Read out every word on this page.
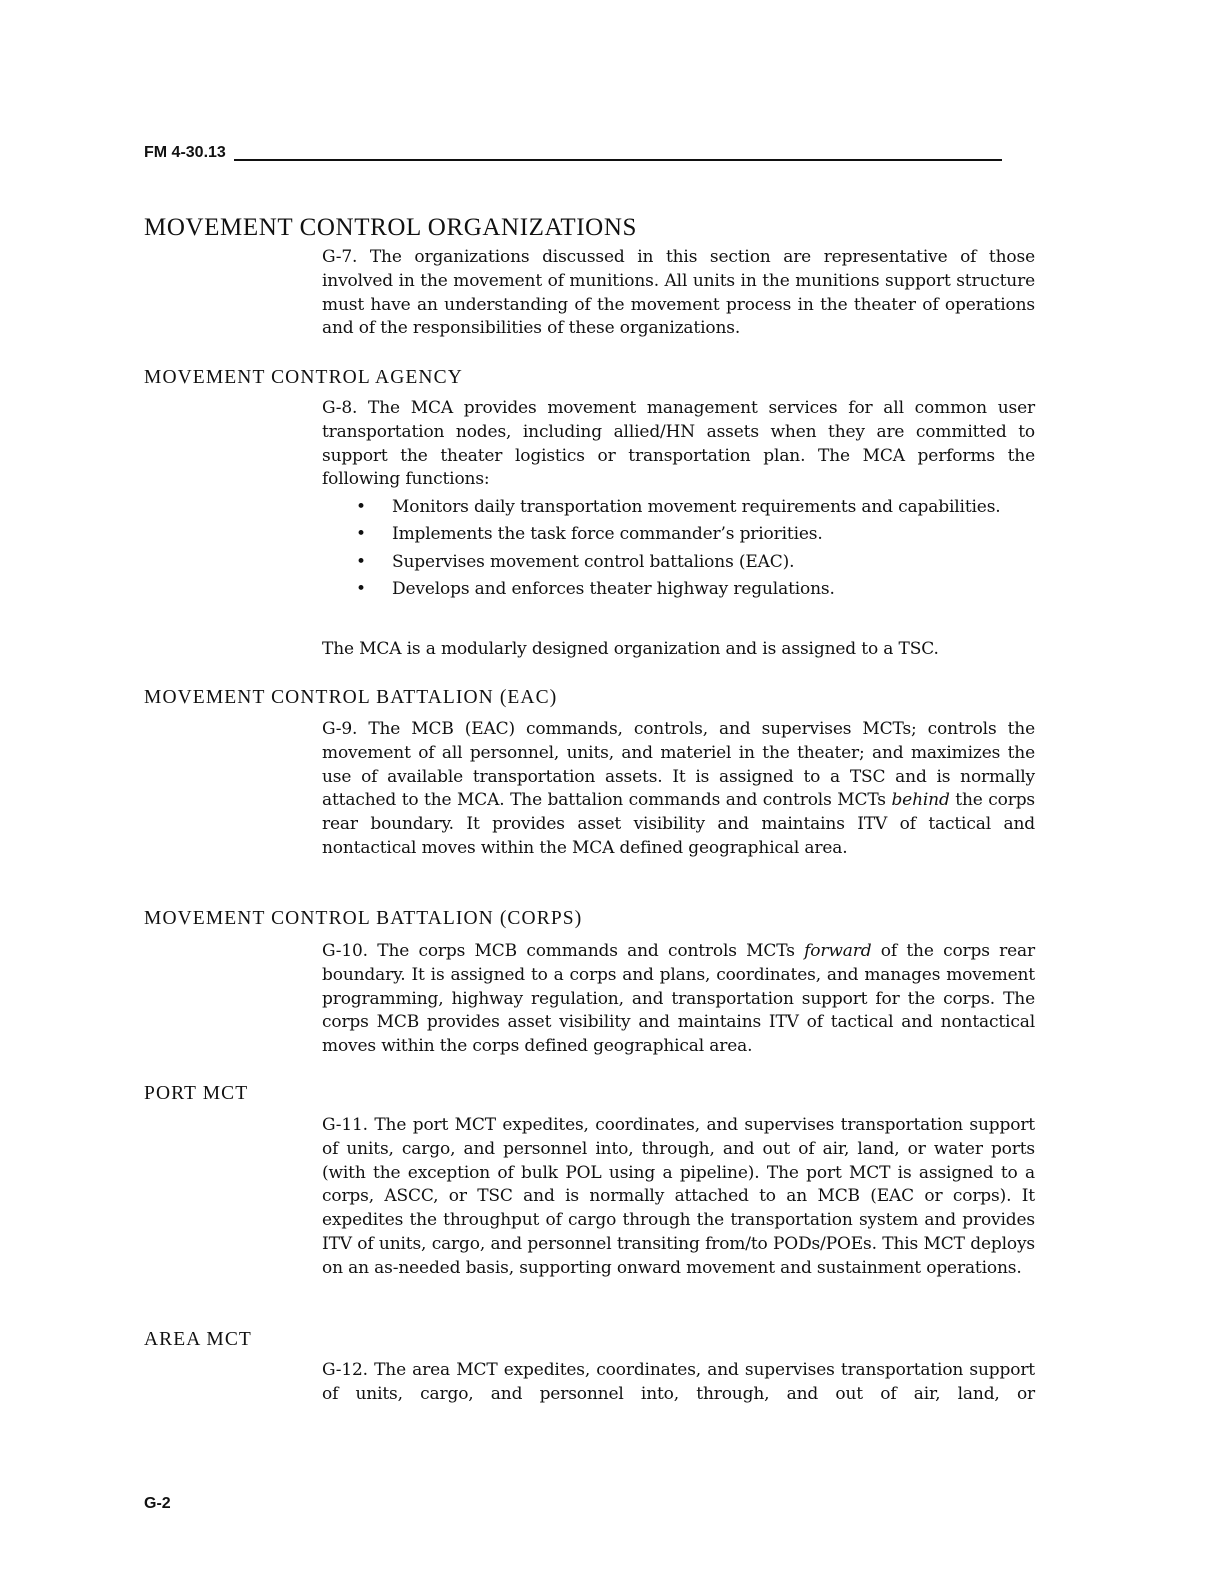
FM 4-30.13
MOVEMENT CONTROL ORGANIZATIONS

G-7. The organizations discussed in this section are representative of those involved in the movement of munitions. All units in the munitions support structure must have an understanding of the movement process in the theater of operations and of the responsibilities of these organizations.

MOVEMENT CONTROL AGENCY

G-8. The MCA provides movement management services for all common user transportation nodes, including allied/HN assets when they are committed to support the theater logistics or transportation plan. The MCA performs the following functions:

• Monitors daily transportation movement requirements and capabilities.
• Implements the task force commander’s priorities.
• Supervises movement control battalions (EAC).
• Develops and enforces theater highway regulations.

The MCA is a modularly designed organization and is assigned to a TSC.

MOVEMENT CONTROL BATTALION (EAC)

G-9. The MCB (EAC) commands, controls, and supervises MCTs; controls the movement of all personnel, units, and materiel in the theater; and maximizes the use of available transportation assets. It is assigned to a TSC and is normally attached to the MCA. The battalion commands and controls MCTs behind the corps rear boundary. It provides asset visibility and maintains ITV of tactical and nontactical moves within the MCA defined geographical area.

MOVEMENT CONTROL BATTALION (CORPS)

G-10. The corps MCB commands and controls MCTs forward of the corps rear boundary. It is assigned to a corps and plans, coordinates, and manages movement programming, highway regulation, and transportation support for the corps. The corps MCB provides asset visibility and maintains ITV of tactical and nontactical moves within the corps defined geographical area.

PORT MCT

G-11. The port MCT expedites, coordinates, and supervises transportation support of units, cargo, and personnel into, through, and out of air, land, or water ports (with the exception of bulk POL using a pipeline). The port MCT is assigned to a corps, ASCC, or TSC and is normally attached to an MCB (EAC or corps). It expedites the throughput of cargo through the transportation system and provides ITV of units, cargo, and personnel transiting from/to PODs/POEs. This MCT deploys on an as-needed basis, supporting onward movement and sustainment operations.

AREA MCT

G-12. The area MCT expedites, coordinates, and supervises transportation support of units, cargo, and personnel into, through, and out of air, land, or

G-2
